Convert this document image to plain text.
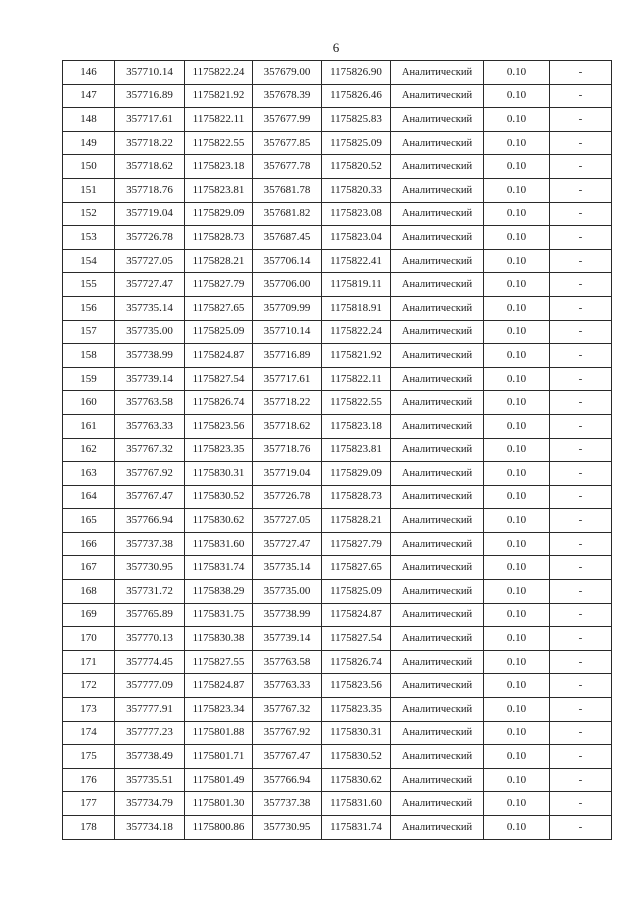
6
146	357710.14	1175822.24	357679.00	1175826.90	Аналитический	0.10	-
147	357716.89	1175821.92	357678.39	1175826.46	Аналитический	0.10	-
148	357717.61	1175822.11	357677.99	1175825.83	Аналитический	0.10	-
149	357718.22	1175822.55	357677.85	1175825.09	Аналитический	0.10	-
150	357718.62	1175823.18	357677.78	1175820.52	Аналитический	0.10	-
151	357718.76	1175823.81	357681.78	1175820.33	Аналитический	0.10	-
152	357719.04	1175829.09	357681.82	1175823.08	Аналитический	0.10	-
153	357726.78	1175828.73	357687.45	1175823.04	Аналитический	0.10	-
154	357727.05	1175828.21	357706.14	1175822.41	Аналитический	0.10	-
155	357727.47	1175827.79	357706.00	1175819.11	Аналитический	0.10	-
156	357735.14	1175827.65	357709.99	1175818.91	Аналитический	0.10	-
157	357735.00	1175825.09	357710.14	1175822.24	Аналитический	0.10	-
158	357738.99	1175824.87	357716.89	1175821.92	Аналитический	0.10	-
159	357739.14	1175827.54	357717.61	1175822.11	Аналитический	0.10	-
160	357763.58	1175826.74	357718.22	1175822.55	Аналитический	0.10	-
161	357763.33	1175823.56	357718.62	1175823.18	Аналитический	0.10	-
162	357767.32	1175823.35	357718.76	1175823.81	Аналитический	0.10	-
163	357767.92	1175830.31	357719.04	1175829.09	Аналитический	0.10	-
164	357767.47	1175830.52	357726.78	1175828.73	Аналитический	0.10	-
165	357766.94	1175830.62	357727.05	1175828.21	Аналитический	0.10	-
166	357737.38	1175831.60	357727.47	1175827.79	Аналитический	0.10	-
167	357730.95	1175831.74	357735.14	1175827.65	Аналитический	0.10	-
168	357731.72	1175838.29	357735.00	1175825.09	Аналитический	0.10	-
169	357765.89	1175831.75	357738.99	1175824.87	Аналитический	0.10	-
170	357770.13	1175830.38	357739.14	1175827.54	Аналитический	0.10	-
171	357774.45	1175827.55	357763.58	1175826.74	Аналитический	0.10	-
172	357777.09	1175824.87	357763.33	1175823.56	Аналитический	0.10	-
173	357777.91	1175823.34	357767.32	1175823.35	Аналитический	0.10	-
174	357777.23	1175801.88	357767.92	1175830.31	Аналитический	0.10	-
175	357738.49	1175801.71	357767.47	1175830.52	Аналитический	0.10	-
176	357735.51	1175801.49	357766.94	1175830.62	Аналитический	0.10	-
177	357734.79	1175801.30	357737.38	1175831.60	Аналитический	0.10	-
178	357734.18	1175800.86	357730.95	1175831.74	Аналитический	0.10	-
